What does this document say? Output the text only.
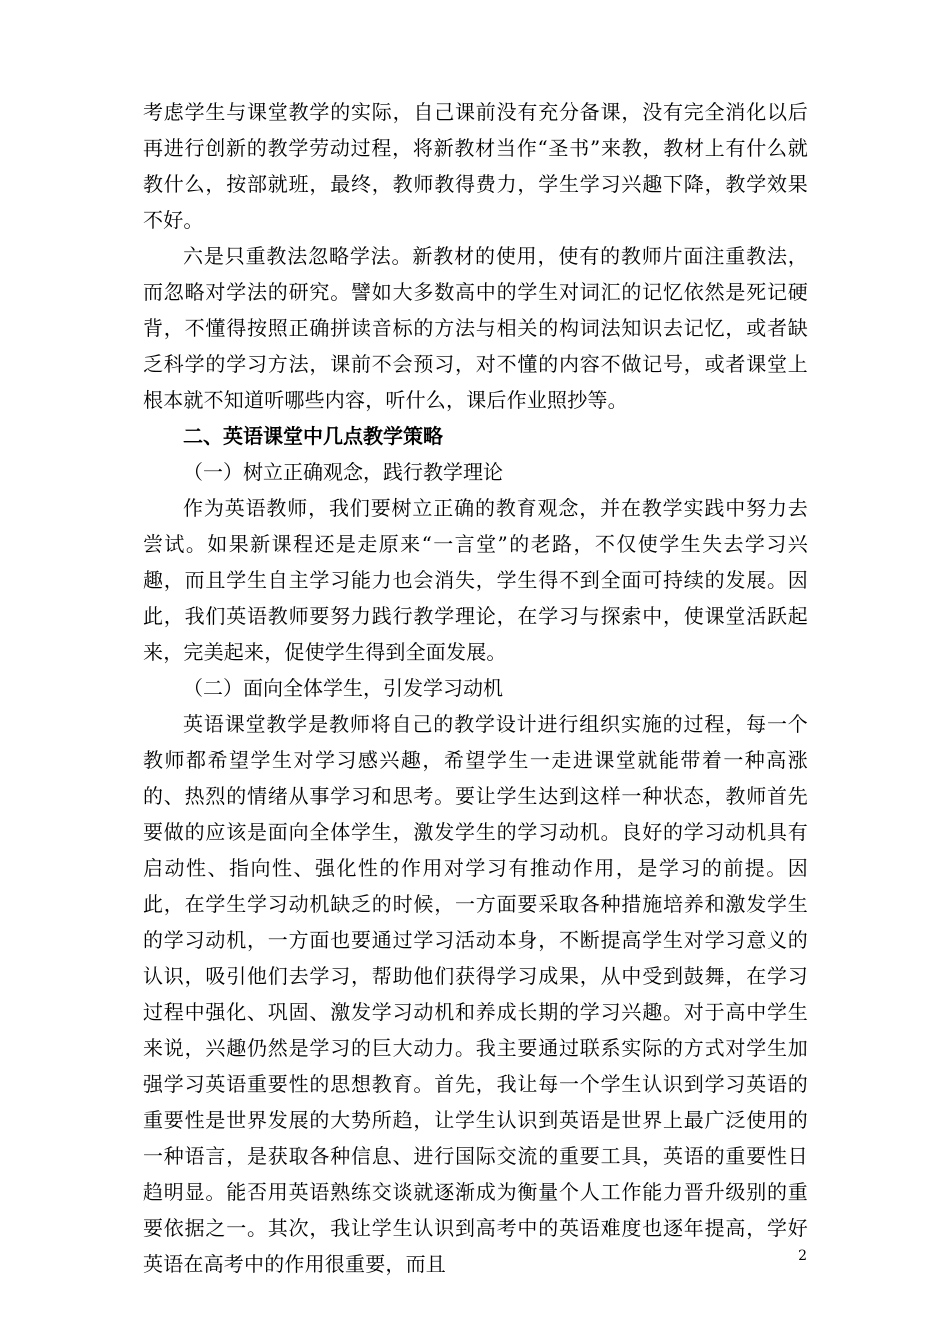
考虑学生与课堂教学的实际，自己课前没有充分备课，没有完全消化以后再进行创新的教学劳动过程，将新教材当作“圣书”来教，教材上有什么就教什么，按部就班，最终，教师教得费力，学生学习兴趣下降，教学效果不好。

六是只重教法忽略学法。新教材的使用，使有的教师片面注重教法，而忽略对学法的研究。譬如大多数高中的学生对词汇的记忆依然是死记硬背，不懂得按照正确拼读音标的方法与相关的构词法知识去记忆，或者缺乏科学的学习方法，课前不会预习，对不懂的内容不做记号，或者课堂上根本就不知道听哪些内容，听什么，课后作业照抄等。

二、英语课堂中几点教学策略

（一）树立正确观念，践行教学理论

作为英语教师，我们要树立正确的教育观念，并在教学实践中努力去尝试。如果新课程还是走原来“一言堂”的老路，不仅使学生失去学习兴趣，而且学生自主学习能力也会消失，学生得不到全面可持续的发展。因此，我们英语教师要努力践行教学理论，在学习与探索中，使课堂活跃起来，完美起来，促使学生得到全面发展。

（二）面向全体学生，引发学习动机

英语课堂教学是教师将自己的教学设计进行组织实施的过程，每一个教师都希望学生对学习感兴趣，希望学生一走进课堂就能带着一种高涨的、热烈的情绪从事学习和思考。要让学生达到这样一种状态，教师首先要做的应该是面向全体学生，激发学生的学习动机。良好的学习动机具有启动性、指向性、强化性的作用对学习有推动作用，是学习的前提。因此，在学生学习动机缺乏的时候，一方面要采取各种措施培养和激发学生的学习动机，一方面也要通过学习活动本身，不断提高学生对学习意义的认识，吸引他们去学习，帮助他们获得学习成果，从中受到鼓舞，在学习过程中强化、巩固、激发学习动机和养成长期的学习兴趣。对于高中学生来说，兴趣仍然是学习的巨大动力。我主要通过联系实际的方式对学生加强学习英语重要性的思想教育。首先，我让每一个学生认识到学习英语的重要性是世界发展的大势所趋，让学生认识到英语是世界上最广泛使用的一种语言，是获取各种信息、进行国际交流的重要工具，英语的重要性日趋明显。能否用英语熟练交谈就逐渐成为衡量个人工作能力晋升级别的重要依据之一。其次，我让学生认识到高考中的英语难度也逐年提高，学好英语在高考中的作用很重要，而且	2
